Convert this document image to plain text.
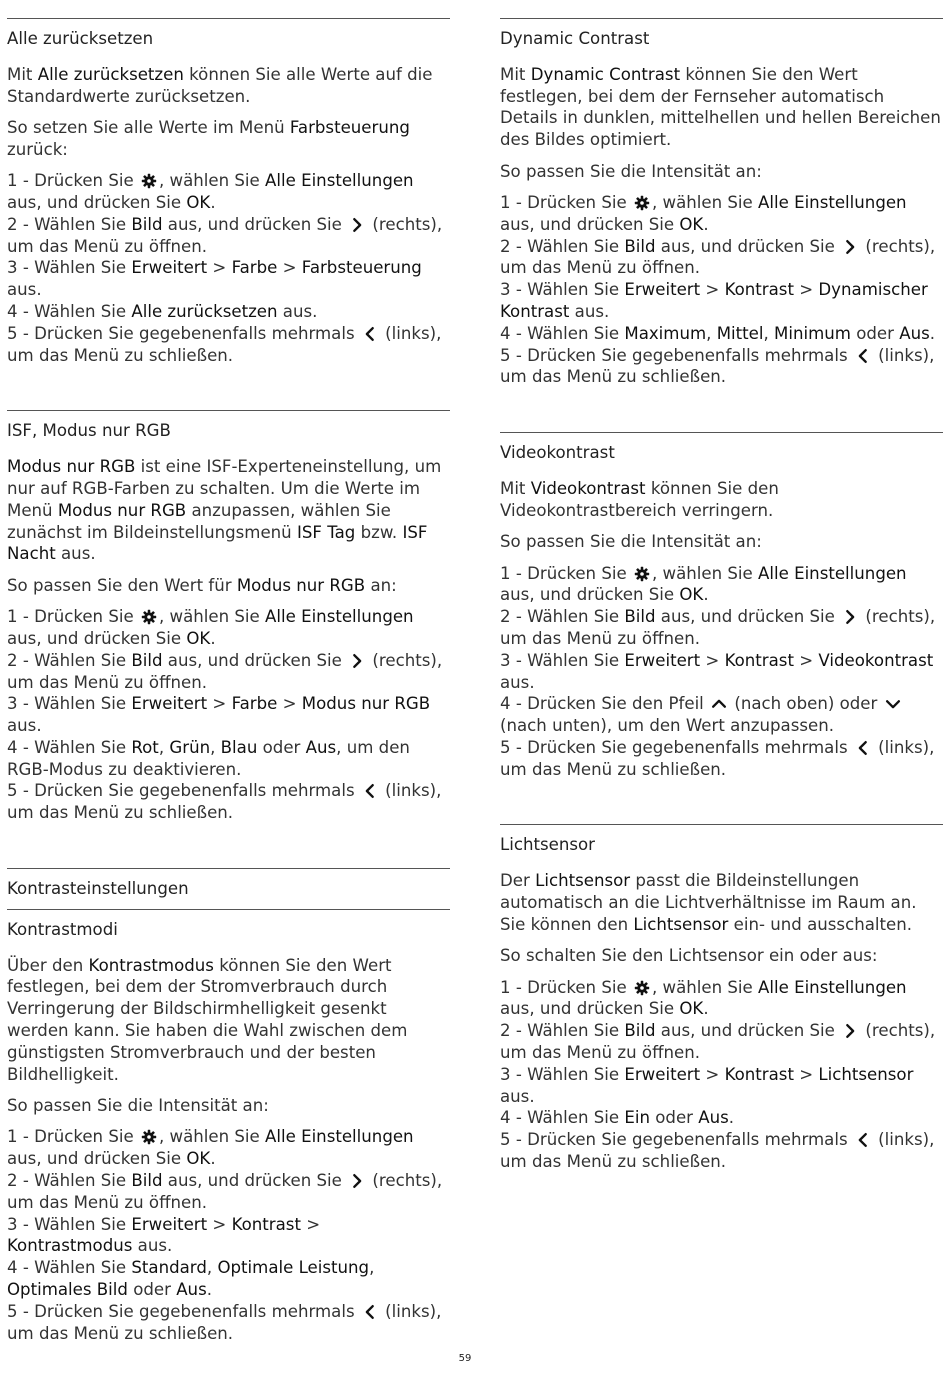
Alle zurücksetzen

Mit Alle zurücksetzen können Sie alle Werte auf die Standardwerte zurücksetzen.

So setzen Sie alle Werte im Menü Farbsteuerung zurück:

1 - Drücken Sie
, wählen Sie Alle Einstellungen aus, und drücken Sie OK.

2 - Wählen Sie Bild aus, und drücken Sie
(rechts), um das Menü zu öffnen.

3 - Wählen Sie Erweitert > Farbe > Farbsteuerung aus.

4 - Wählen Sie Alle zurücksetzen aus.

5 - Drücken Sie gegebenenfalls mehrmals
(links), um das Menü zu schließen.

ISF, Modus nur RGB

Modus nur RGB ist eine ISF-Experteneinstellung, um nur auf RGB-Farben zu schalten. Um die Werte im Menü Modus nur RGB anzupassen, wählen Sie zunächst im Bildeinstellungsmenü ISF Tag bzw. ISF Nacht aus.

So passen Sie den Wert für Modus nur RGB an:

1 - Drücken Sie
, wählen Sie Alle Einstellungen aus, und drücken Sie OK.

2 - Wählen Sie Bild aus, und drücken Sie
(rechts), um das Menü zu öffnen.

3 - Wählen Sie Erweitert > Farbe > Modus nur RGB aus.

4 - Wählen Sie Rot, Grün, Blau oder Aus, um den RGB-Modus zu deaktivieren.

5 - Drücken Sie gegebenenfalls mehrmals
(links), um das Menü zu schließen.

Kontrasteinstellungen
Kontrastmodi

Über den Kontrastmodus können Sie den Wert festlegen, bei dem der Stromverbrauch durch Verringerung der Bildschirmhelligkeit gesenkt werden kann. Sie haben die Wahl zwischen dem günstigsten Stromverbrauch und der besten Bildhelligkeit.

So passen Sie die Intensität an:

1 - Drücken Sie
, wählen Sie Alle Einstellungen aus, und drücken Sie OK.

2 - Wählen Sie Bild aus, und drücken Sie
(rechts), um das Menü zu öffnen.

3 - Wählen Sie Erweitert > Kontrast > Kontrastmodus aus.

4 - Wählen Sie Standard, Optimale Leistung, Optimales Bild oder Aus.

5 - Drücken Sie gegebenenfalls mehrmals
(links), um das Menü zu schließen.

Dynamic Contrast

Mit Dynamic Contrast können Sie den Wert festlegen, bei dem der Fernseher automatisch Details in dunklen, mittelhellen und hellen Bereichen des Bildes optimiert.

So passen Sie die Intensität an:

1 - Drücken Sie
, wählen Sie Alle Einstellungen aus, und drücken Sie OK.

2 - Wählen Sie Bild aus, und drücken Sie
(rechts), um das Menü zu öffnen.

3 - Wählen Sie Erweitert > Kontrast > Dynamischer Kontrast aus.

4 - Wählen Sie Maximum, Mittel, Minimum oder Aus.

5 - Drücken Sie gegebenenfalls mehrmals
(links), um das Menü zu schließen.

Videokontrast

Mit Videokontrast können Sie den Videokontrastbereich verringern.

So passen Sie die Intensität an:

1 - Drücken Sie
, wählen Sie Alle Einstellungen aus, und drücken Sie OK.

2 - Wählen Sie Bild aus, und drücken Sie
(rechts), um das Menü zu öffnen.

3 - Wählen Sie Erweitert > Kontrast > Videokontrast aus.

4 - Drücken Sie den Pfeil
(nach oben) oder
(nach unten), um den Wert anzupassen.

5 - Drücken Sie gegebenenfalls mehrmals
(links), um das Menü zu schließen.

Lichtsensor

Der Lichtsensor passt die Bildeinstellungen automatisch an die Lichtverhältnisse im Raum an. Sie können den Lichtsensor ein- und ausschalten.

So schalten Sie den Lichtsensor ein oder aus:

1 - Drücken Sie
, wählen Sie Alle Einstellungen aus, und drücken Sie OK.

2 - Wählen Sie Bild aus, und drücken Sie
(rechts), um das Menü zu öffnen.

3 - Wählen Sie Erweitert > Kontrast > Lichtsensor aus.

4 - Wählen Sie Ein oder Aus.

5 - Drücken Sie gegebenenfalls mehrmals
(links), um das Menü zu schließen.

59
